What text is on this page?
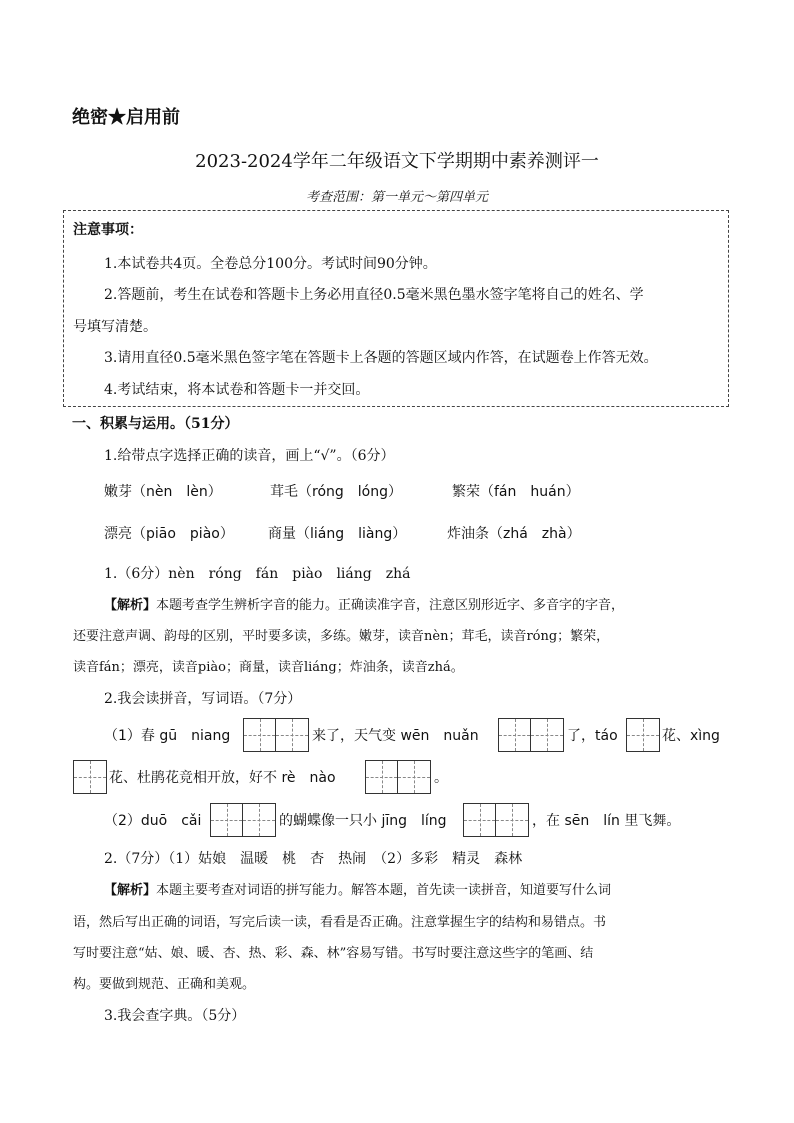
绝密★启用前
2023-2024学年二年级语文下学期期中素养测评一
考查范围：第一单元～第四单元
注意事项：
1.本试卷共4页。全卷总分100分。考试时间90分钟。
2.答题前，考生在试卷和答题卡上务必用直径0.5毫米黑色墨水签字笔将自己的姓名、学
号填写清楚。
3.请用直径0.5毫米黑色签字笔在答题卡上各题的答题区域内作答，在试题卷上作答无效。
4.考试结束，将本试卷和答题卡一并交回。
一、积累与运用。（51分）
1.给带点字选择正确的读音，画上“√”。（6分）
嫩芽（nèn　lèn）	茸毛（róng　lóng）	繁荣（fán　huán）
漂亮（piāo　piào） 商量（liáng　liàng）	炸油条（zhá　zhà）
1.（6分）nèn　róng　fán　piào　liáng　zhá
【解析】本题考查学生辨析字音的能力。正确读准字音，注意区别形近字、多音字的字音，
还要注意声调、韵母的区别，平时要多读，多练。嫩芽，读音nèn；茸毛，读音róng；繁荣，
读音fán；漂亮，读音piào；商量，读音liáng；炸油条，读音zhá。
2.我会读拼音，写词语。（7分）
（1）春 gū　niang	来了，天气变 wēn　nuǎn	了，táo	花、xìng
花、杜鹃花竞相开放，好不 rè　nào	。
（2）duō　cǎi	的蝴蝶像一只小 jīng　líng	，在 sēn　lín 里飞舞。
2.（7分）（1）姑娘　温暖　桃　杏　热闹　（2）多彩　精灵　森林
【解析】本题主要考查对词语的拼写能力。解答本题，首先读一读拼音，知道要写什么词
语，然后写出正确的词语，写完后读一读，看看是否正确。注意掌握生字的结构和易错点。书
写时要注意“姑、娘、暖、杏、热、彩、森、林”容易写错。书写时要注意这些字的笔画、结
构。要做到规范、正确和美观。
3.我会查字典。（5分）
